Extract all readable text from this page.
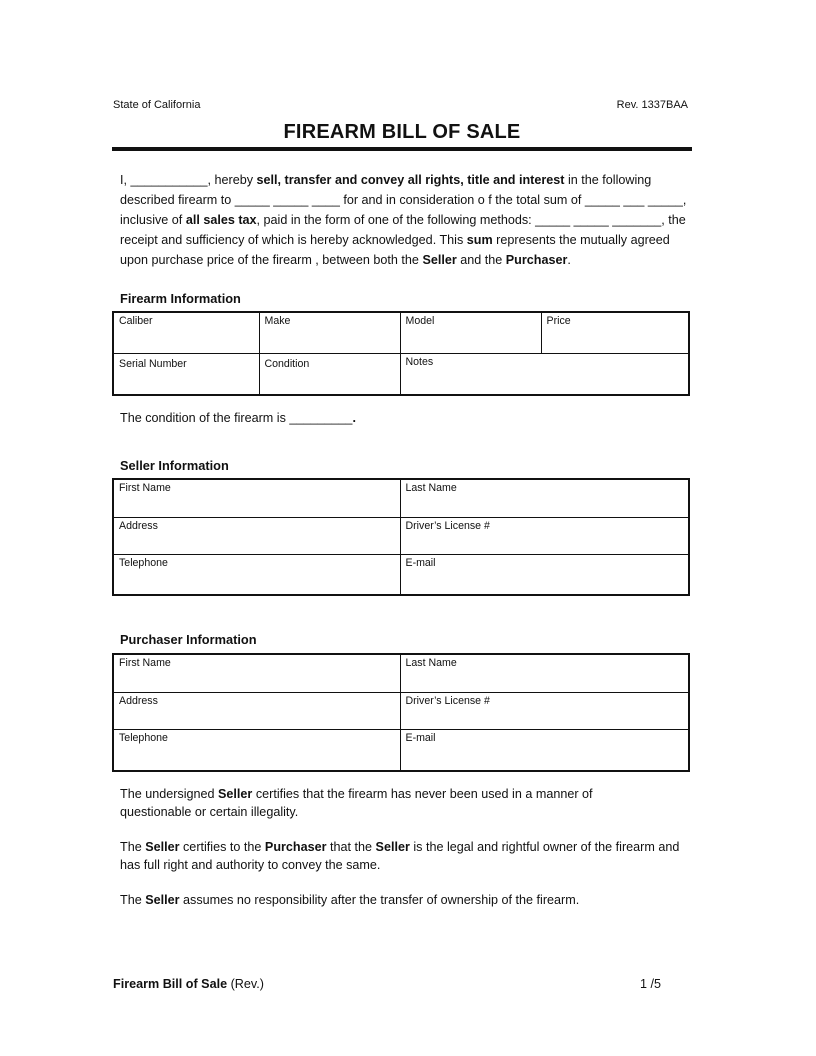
State of California	Rev. 1337BAA
FIREARM BILL OF SALE
I, ___________, hereby sell, transfer and convey all rights, title and interest in the following described firearm to _____ _____ ____ for and in consideration o f the total sum of _____ ___ _____, inclusive of all sales tax, paid in the form of one of the following methods: _____ _____ _______, the receipt and sufficiency of which is hereby acknowledged. This sum represents the mutually agreed upon purchase price of the firearm , between both the Seller and the Purchaser.
Firearm Information
Caliber	Make	Model	Price
Serial Number	Condition	Notes	
The condition of the firearm is _________.
Seller Information
First Name	Last Name
Address	Driver’s License #
Telephone	E-mail
Purchaser Information
First Name	Last Name
Address	Driver’s License #
Telephone	E-mail
The undersigned Seller certifies that the firearm has never been used in a manner of questionable or certain illegality.
The Seller certifies to the Purchaser that the Seller is the legal and rightful owner of the firearm and has full right and authority to convey the same.
The Seller assumes no responsibility after the transfer of ownership of the firearm.
Firearm Bill of Sale (Rev.)	1 /5
